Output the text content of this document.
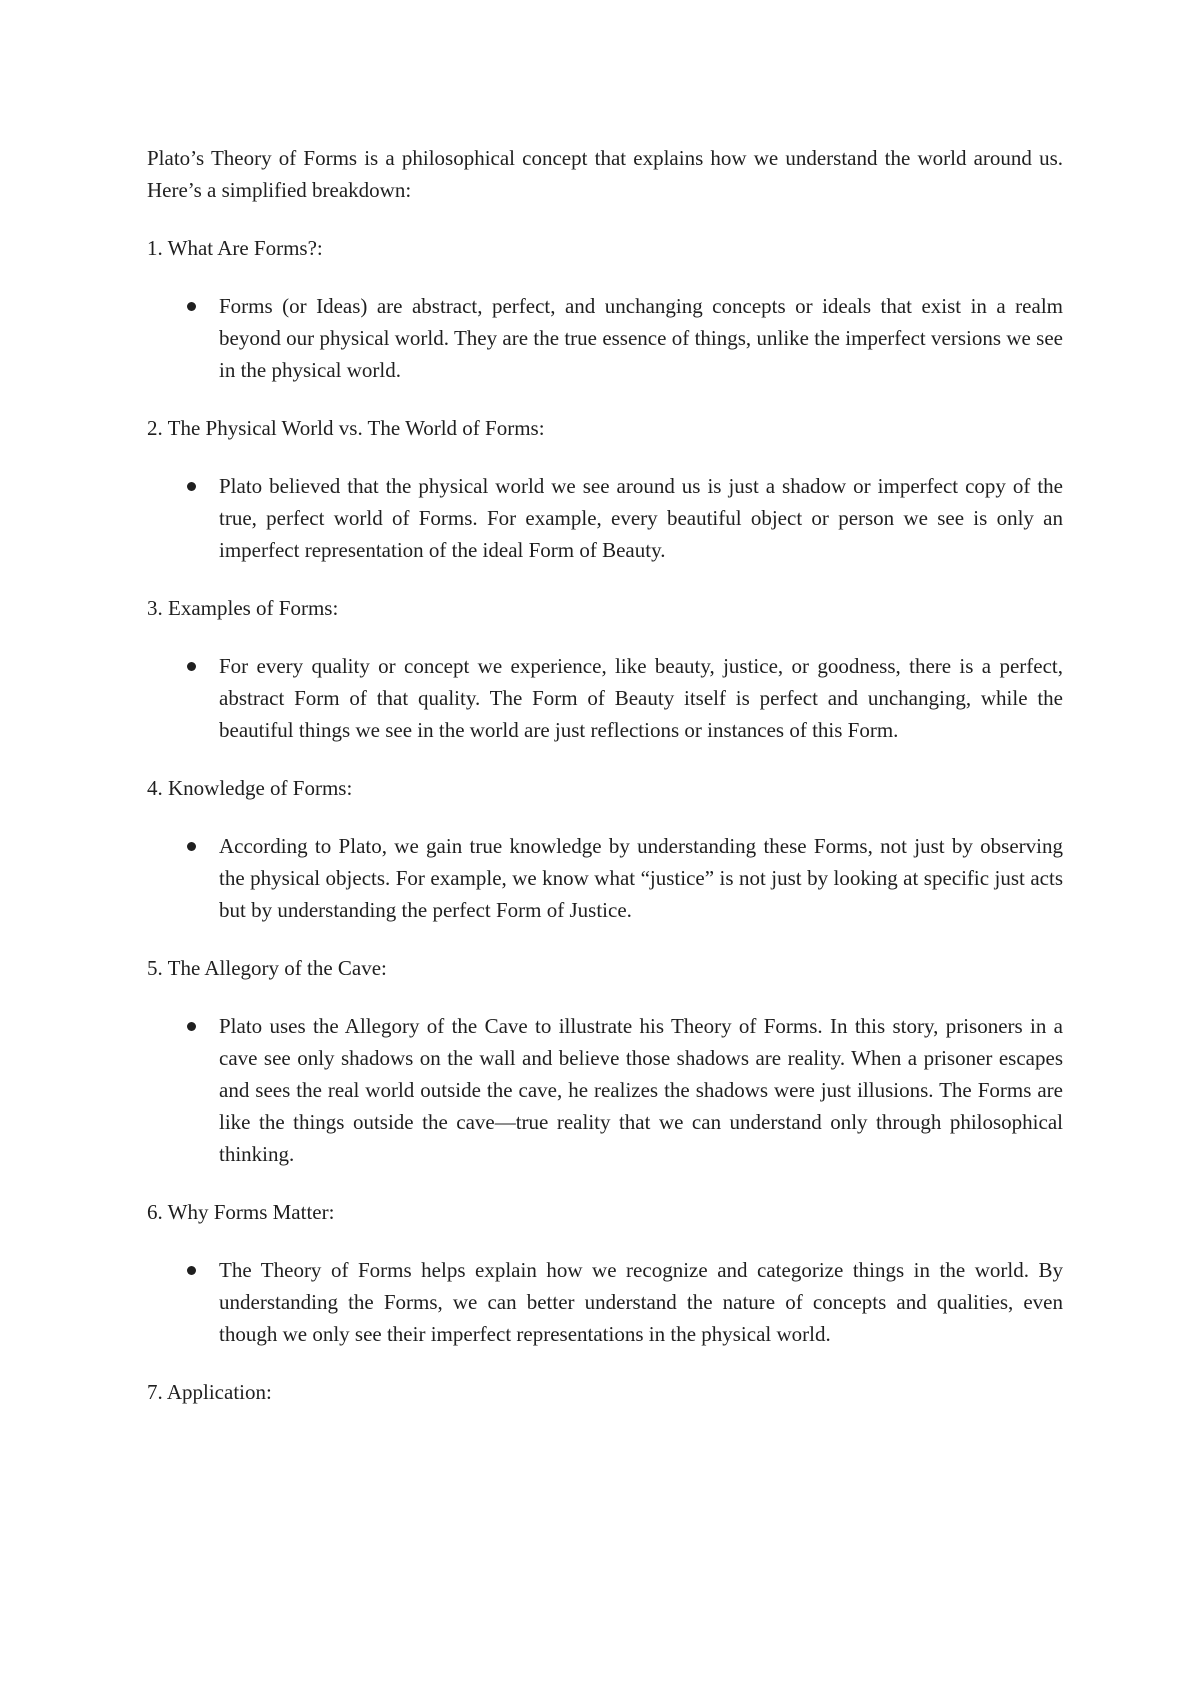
Plato’s Theory of Forms is a philosophical concept that explains how we understand the world around us. Here’s a simplified breakdown:

1. What Are Forms?:

Forms (or Ideas) are abstract, perfect, and unchanging concepts or ideals that exist in a realm beyond our physical world. They are the true essence of things, unlike the imperfect versions we see in the physical world.

2. The Physical World vs. The World of Forms:

Plato believed that the physical world we see around us is just a shadow or imperfect copy of the true, perfect world of Forms. For example, every beautiful object or person we see is only an imperfect representation of the ideal Form of Beauty.

3. Examples of Forms:

For every quality or concept we experience, like beauty, justice, or goodness, there is a perfect, abstract Form of that quality. The Form of Beauty itself is perfect and unchanging, while the beautiful things we see in the world are just reflections or instances of this Form.

4. Knowledge of Forms:

According to Plato, we gain true knowledge by understanding these Forms, not just by observing the physical objects. For example, we know what “justice” is not just by looking at specific just acts but by understanding the perfect Form of Justice.

5. The Allegory of the Cave:

Plato uses the Allegory of the Cave to illustrate his Theory of Forms. In this story, prisoners in a cave see only shadows on the wall and believe those shadows are reality. When a prisoner escapes and sees the real world outside the cave, he realizes the shadows were just illusions. The Forms are like the things outside the cave—true reality that we can understand only through philosophical thinking.

6. Why Forms Matter:

The Theory of Forms helps explain how we recognize and categorize things in the world. By understanding the Forms, we can better understand the nature of concepts and qualities, even though we only see their imperfect representations in the physical world.

7. Application:
